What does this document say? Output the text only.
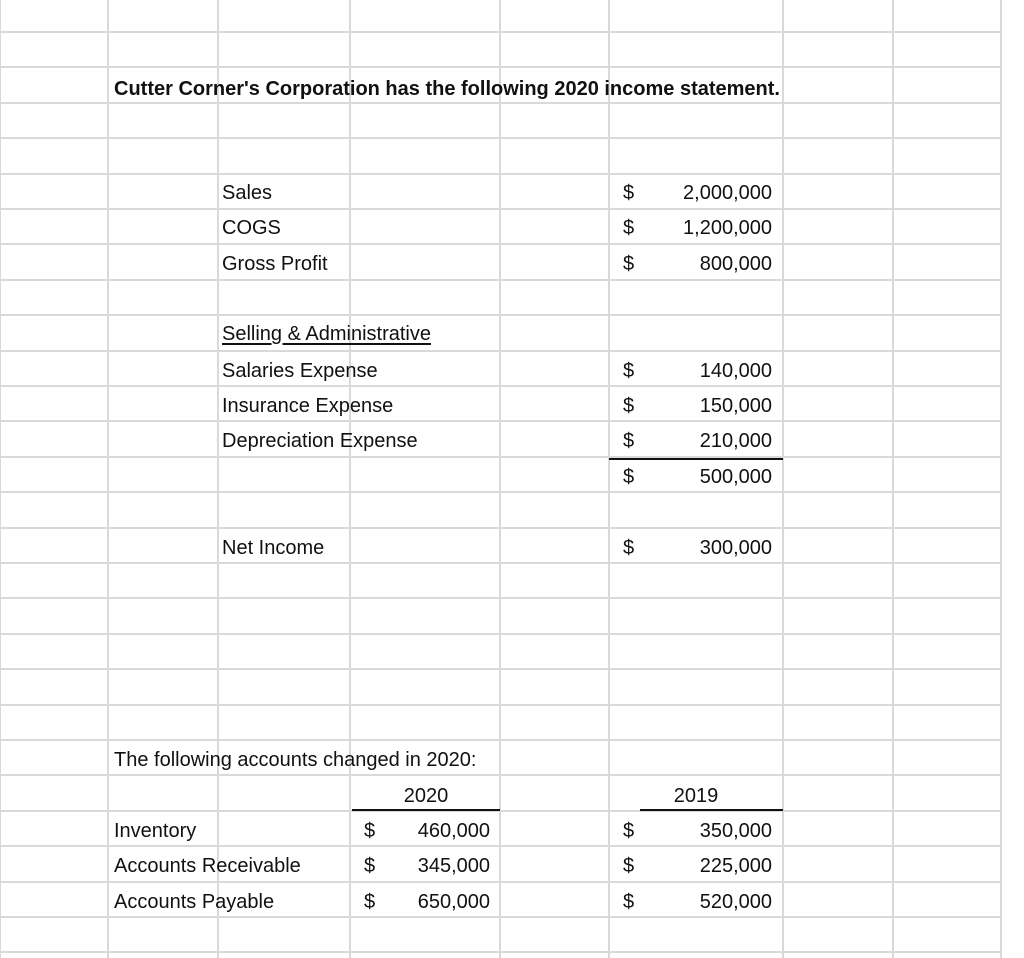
Cutter Corner's Corporation has the following 2020 income statement.
Sales	$ 2,000,000
COGS	$ 1,200,000
Gross Profit	$	800,000
Selling & Administrative
Salaries Expense	$	140,000
Insurance Expense	$	150,000
Depreciation Expense	$	210,000
$	500,000
Net Income	$	300,000
The following accounts changed in 2020:
2020	2019
Inventory	$ 460,000	$	350,000
Accounts Receivable	$ 345,000	$	225,000
Accounts Payable	$ 650,000	$	520,000
